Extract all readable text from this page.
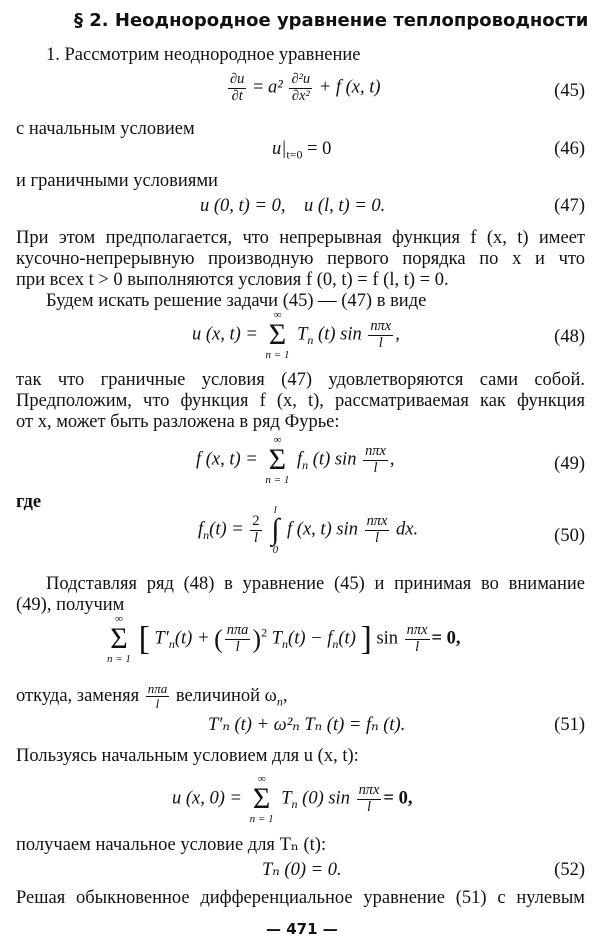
§ 2. Неоднородное уравнение теплопроводности
1. Рассмотрим неоднородное уравнение
$\frac{\partial u}{\partial t} = a^2 \frac{\text{∂²u}}{\text{∂x²}} + f$ (x, t)	(45)
с начальным условием
$u|_{t=0} = 0$	(46)
и граничными условиями
u (0, t) = 0,    u (l, t) = 0.	(47)
При этом предполагается, что непрерывная функция f (x, t) имеет
кусочно-непрерывную производную первого порядка по x и что
при всех t > 0 выполняются условия f (0, t) = f (l, t) = 0.
Будем искать решение задачи (45) — (47) в виде
u (x, t) =
∞
Σ
n = 1
$T_n$ (t) $\sin \frac{\text{nπx}}{l}$ ,	(48)
так что граничные условия (47) удовлетворяются сами собой.
Предположим, что функция f (x, t), рассматриваемая как функция
от x, может быть разложена в ряд Фурье:
f (x, t) =
∞
Σ
n = 1
$f_n$ (t) $\sin \frac{\text{nπx}}{l}$ ,	(49)
где
$f_n(t) = \frac{2}{l}$

l
∫
0
f (x, t) $\sin \frac{\text{nπx}}{l}$ dx.	(50)
Подставляя ряд (48) в уравнение (45) и принимая во внимание
(49), получим
∞
Σ
n = 1
[ $T'_n(t)$ + ( $\frac{\text{nπa}}{l} )^2$ $T_n(t) - f_n(t)$ ] $\sin \frac{\text{nπx}}{l} = 0$,
откуда, заменяя $\frac{\text{nπa}}{l}$ величиной $\omega_n$,
T′ₙ (t) + ω²ₙ Tₙ (t) = fₙ (t).	(51)
Пользуясь начальным условием для u (x, t):
u (x, 0) =
∞
Σ
n = 1
$T_n$ (0) $\sin \frac{\text{nπx}}{l} = 0$,
получаем начальное условие для Tₙ (t):
Tₙ (0) = 0.	(52)
Решая обыкновенное дифференциальное уравнение (51) с нулевым
— 471 —
